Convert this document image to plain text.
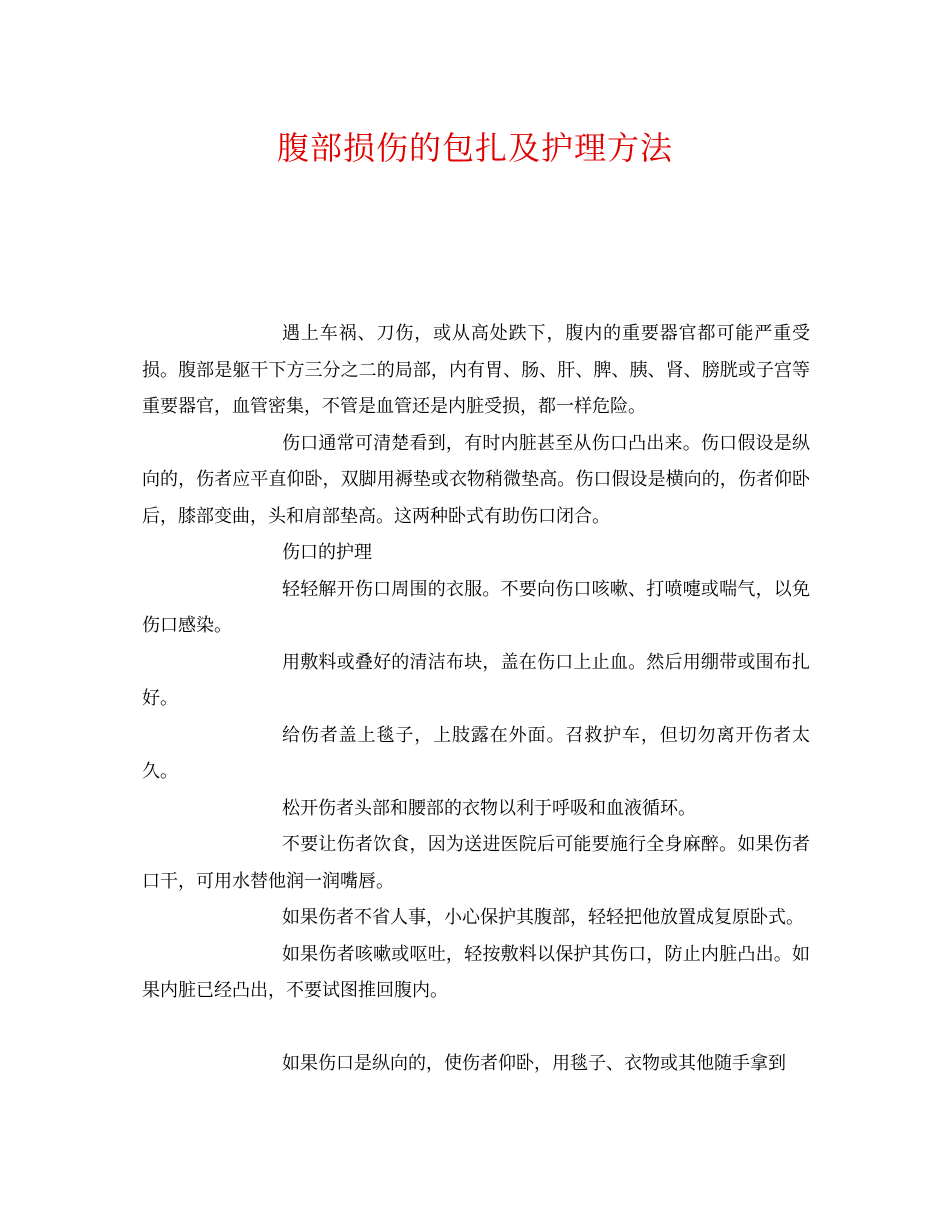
腹部损伤的包扎及护理方法

遇上车祸、刀伤，或从高处跌下，腹内的重要器官都可能严重受损。腹部是躯干下方三分之二的局部，内有胃、肠、肝、脾、胰、肾、膀胱或子宫等重要器官，血管密集，不管是血管还是内脏受损，都一样危险。

伤口通常可清楚看到，有时内脏甚至从伤口凸出来。伤口假设是纵向的，伤者应平直仰卧，双脚用褥垫或衣物稍微垫高。伤口假设是横向的，伤者仰卧后，膝部变曲，头和肩部垫高。这两种卧式有助伤口闭合。

伤口的护理

轻轻解开伤口周围的衣服。不要向伤口咳嗽、打喷嚏或喘气，以免伤口感染。

用敷料或叠好的清洁布块，盖在伤口上止血。然后用绷带或围布扎好。

给伤者盖上毯子，上肢露在外面。召救护车，但切勿离开伤者太久。

松开伤者头部和腰部的衣物以利于呼吸和血液循环。

不要让伤者饮食，因为送进医院后可能要施行全身麻醉。如果伤者口干，可用水替他润一润嘴唇。

如果伤者不省人事，小心保护其腹部，轻轻把他放置成复原卧式。

如果伤者咳嗽或呕吐，轻按敷料以保护其伤口，防止内脏凸出。如果内脏已经凸出，不要试图推回腹内。

如果伤口是纵向的，使伤者仰卧，用毯子、衣物或其他随手拿到
